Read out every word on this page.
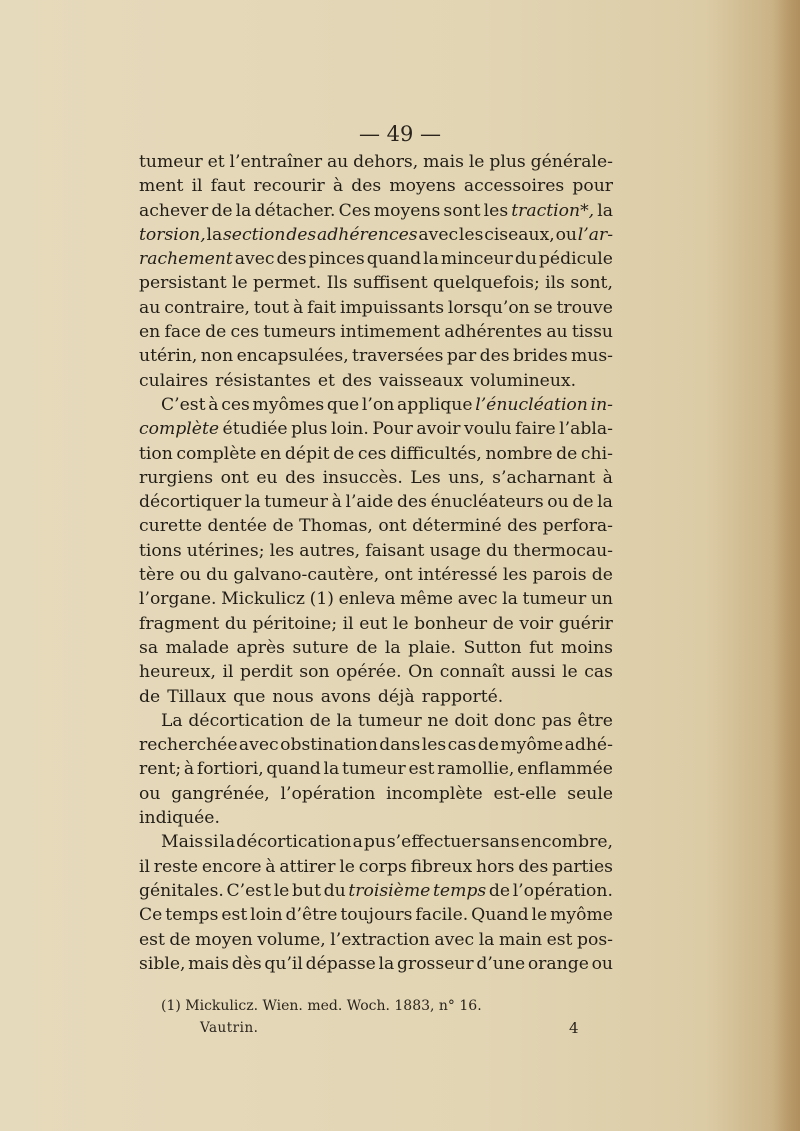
— 49 —
tumeur et l’entraîner au dehors, mais le plus générale-
ment il faut recourir à des moyens accessoires pour
achever de la détacher. Ces moyens sont les traction*, la
torsion, la section des adhérences avec les ciseaux, ou l’ar-
rachement avec des pinces quand la minceur du pédicule
persistant le permet. Ils suffisent quelquefois; ils sont,
au contraire, tout à fait impuissants lorsqu’on se trouve
en face de ces tumeurs intimement adhérentes au tissu
utérin, non encapsulées, traversées par des brides mus-
culaires résistantes et des vaisseaux volumineux.
C’est à ces myômes que l’on applique l’énucléation in-
complète étudiée plus loin. Pour avoir voulu faire l’abla-
tion complète en dépit de ces difficultés, nombre de chi-
rurgiens ont eu des insuccès. Les uns, s’acharnant à
décortiquer la tumeur à l’aide des énucléateurs ou de la
curette dentée de Thomas, ont déterminé des perfora-
tions utérines; les autres, faisant usage du thermocau-
tère ou du galvano-cautère, ont intéressé les parois de
l’organe. Mickulicz (1) enleva même avec la tumeur un
fragment du péritoine; il eut le bonheur de voir guérir
sa malade après suture de la plaie. Sutton fut moins
heureux, il perdit son opérée. On connaît aussi le cas
de Tillaux que nous avons déjà rapporté.
La décortication de la tumeur ne doit donc pas être
recherchée avec obstination dans les cas de myôme adhé-
rent; à fortiori, quand la tumeur est ramollie, enflammée
ou gangrénée, l’opération incomplète est-elle seule
indiquée.
Mais si la décortication a pu s’effectuer sans encombre,
il reste encore à attirer le corps fibreux hors des parties
génitales. C’est le but du troisième temps de l’opération.
Ce temps est loin d’être toujours facile. Quand le myôme
est de moyen volume, l’extraction avec la main est pos-
sible, mais dès qu’il dépasse la grosseur d’une orange ou
(1) Mickulicz. Wien. med. Woch. 1883, n° 16.
Vautrin.	4
